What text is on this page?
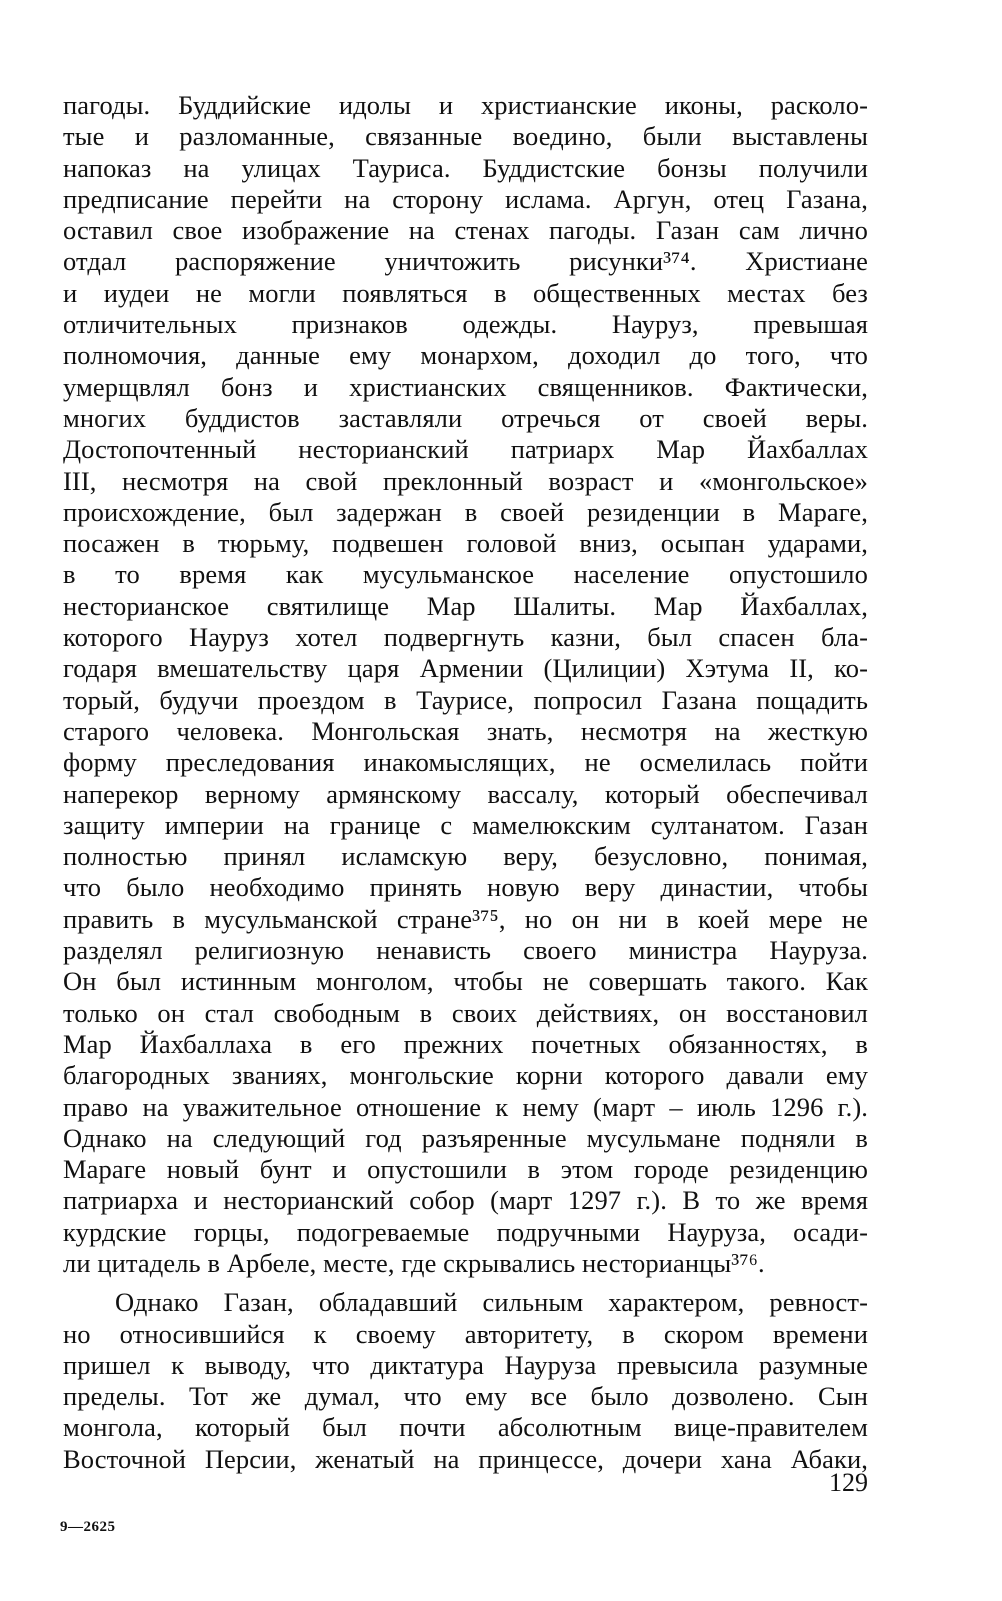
пагоды. Буддийские идолы и христианские иконы, расколо-
тые и разломанные, связанные воедино, были выставлены
напоказ на улицах Тауриса. Буддистские бонзы получили
предписание перейти на сторону ислама. Аргун, отец Газана,
оставил свое изображение на стенах пагоды. Газан сам лично
отдал распоряжение уничтожить рисунки³⁷⁴. Христиане
и иудеи не могли появляться в общественных местах без
отличительных признаков одежды. Науруз, превышая
полномочия, данные ему монархом, доходил до того, что
умерщвлял бонз и христианских священников. Фактически,
многих буддистов заставляли отречься от своей веры.
Достопочтенный несторианский патриарх Мар Йахбаллах
III, несмотря на свой преклонный возраст и «монгольское»
происхождение, был задержан в своей резиденции в Мараге,
посажен в тюрьму, подвешен головой вниз, осыпан ударами,
в то время как мусульманское население опустошило
несторианское святилище Мар Шалиты. Мар Йахбаллах,
которого Науруз хотел подвергнуть казни, был спасен бла-
годаря вмешательству царя Армении (Цилиции) Хэтума II, ко-
торый, будучи проездом в Таурисе, попросил Газана пощадить
старого человека. Монгольская знать, несмотря на жесткую
форму преследования инакомыслящих, не осмелилась пойти
наперекор верному армянскому вассалу, который обеспечивал
защиту империи на границе с мамелюкским султанатом. Газан
полностью принял исламскую веру, безусловно, понимая,
что было необходимо принять новую веру династии, чтобы
править в мусульманской стране³⁷⁵, но он ни в коей мере не
разделял религиозную ненависть своего министра Науруза.
Он был истинным монголом, чтобы не совершать такого. Как
только он стал свободным в своих действиях, он восстановил
Мар Йахбаллаха в его прежних почетных обязанностях, в
благородных званиях, монгольские корни которого давали ему
право на уважительное отношение к нему (март – июль 1296 г.).
Однако на следующий год разъяренные мусульмане подняли в
Мараге новый бунт и опустошили в этом городе резиденцию
патриарха и несторианский собор (март 1297 г.). В то же время
курдские горцы, подогреваемые подручными Науруза, осади-
ли цитадель в Арбеле, месте, где скрывались несторианцы³⁷⁶.
Однако Газан, обладавший сильным характером, ревност-
но относившийся к своему авторитету, в скором времени
пришел к выводу, что диктатура Науруза превысила разумные
пределы. Тот же думал, что ему все было дозволено. Сын
монгола, который был почти абсолютным вице-правителем
Восточной Персии, женатый на принцессе, дочери хана Абаки,
129
9—2625
